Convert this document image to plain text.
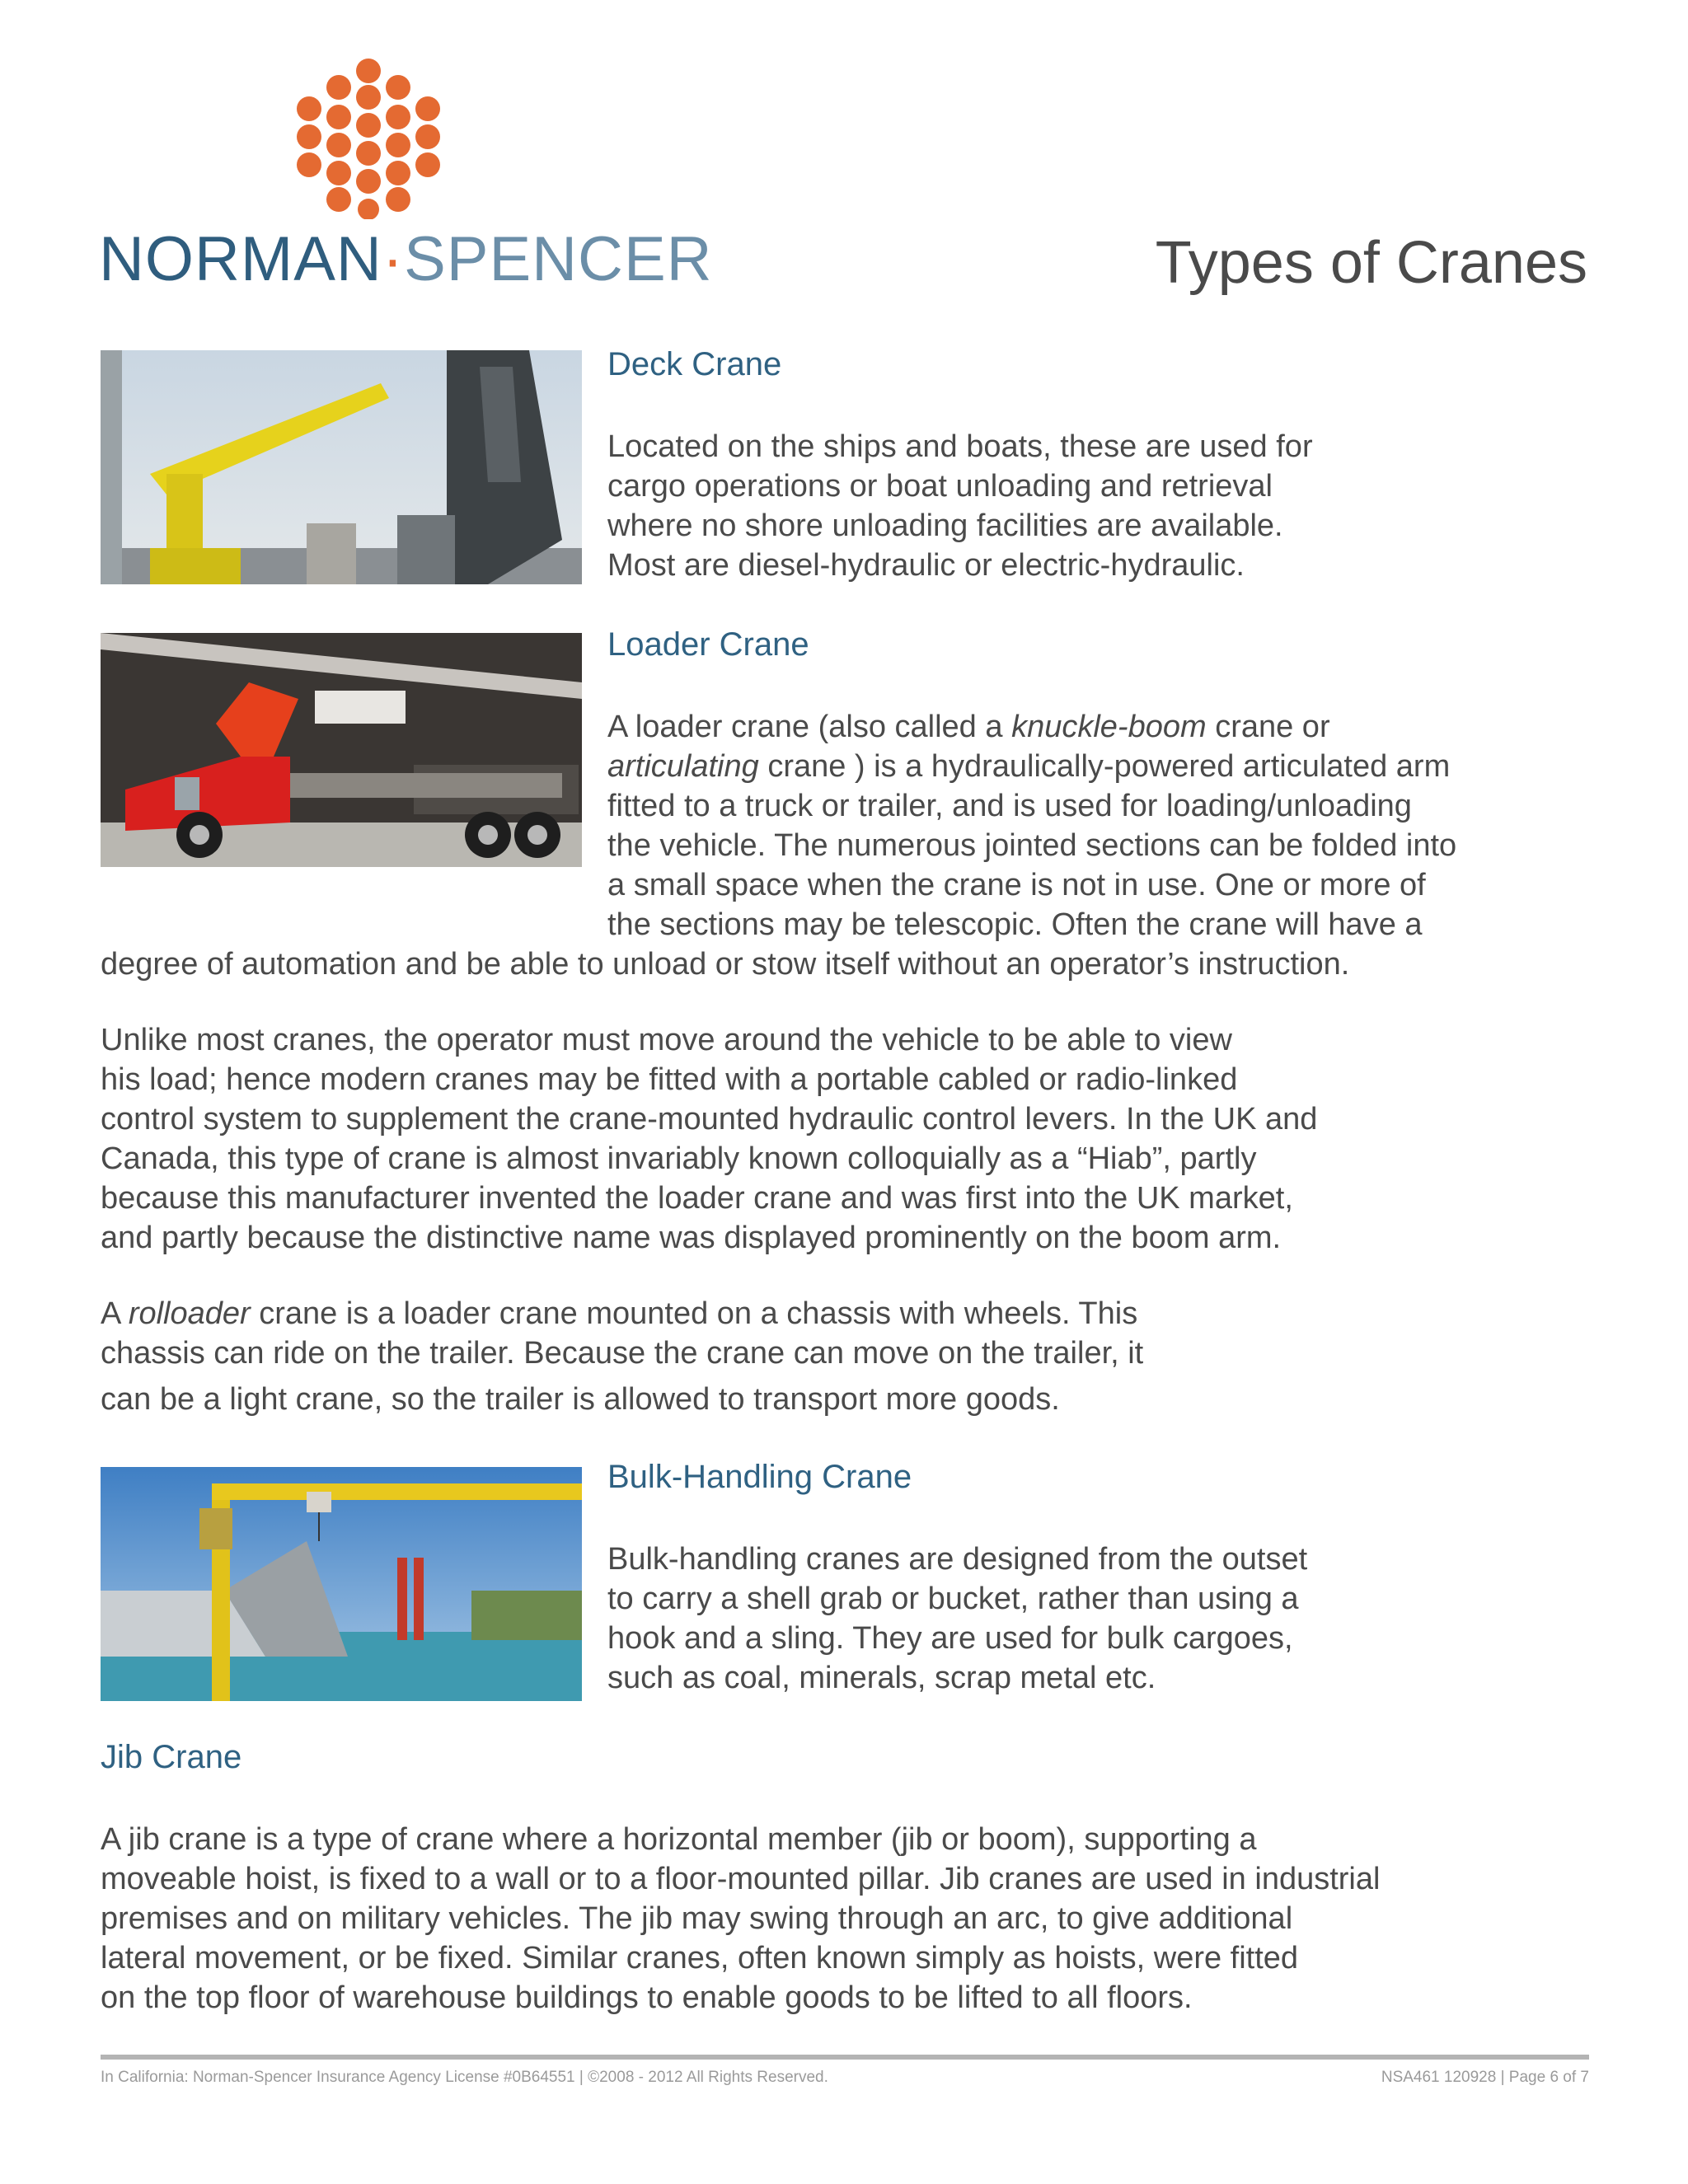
NORMAN·SPENCER	Types of Cranes
Deck Crane
Located on the ships and boats, these are used for
cargo operations or boat unloading and retrieval
where no shore unloading facilities are available.
Most are diesel-hydraulic or electric-hydraulic.
Loader Crane
A loader crane (also called a knuckle-boom crane or
articulating crane ) is a hydraulically-powered articulated arm
fitted to a truck or trailer, and is used for loading/unloading
the vehicle. The numerous jointed sections can be folded into
a small space when the crane is not in use. One or more of
the sections may be telescopic. Often the crane will have a
degree of automation and be able to unload or stow itself without an operator’s instruction.
Unlike most cranes, the operator must move around the vehicle to be able to view
his load; hence modern cranes may be fitted with a portable cabled or radio-linked
control system to supplement the crane-mounted hydraulic control levers. In the UK and
Canada, this type of crane is almost invariably known colloquially as a “Hiab”, partly
because this manufacturer invented the loader crane and was first into the UK market,
and partly because the distinctive name was displayed prominently on the boom arm.
A rolloader crane is a loader crane mounted on a chassis with wheels. This
chassis can ride on the trailer. Because the crane can move on the trailer, it
can be a light crane, so the trailer is allowed to transport more goods.
Bulk-Handling Crane
Bulk-handling cranes are designed from the outset
to carry a shell grab or bucket, rather than using a
hook and a sling. They are used for bulk cargoes,
such as coal, minerals, scrap metal etc.
Jib Crane
A jib crane is a type of crane where a horizontal member (jib or boom), supporting a
moveable hoist, is fixed to a wall or to a floor-mounted pillar. Jib cranes are used in industrial
premises and on military vehicles. The jib may swing through an arc, to give additional
lateral movement, or be fixed. Similar cranes, often known simply as hoists, were fitted
on the top floor of warehouse buildings to enable goods to be lifted to all floors.
In California: Norman-Spencer Insurance Agency License #0B64551 | ©2008 - 2012 All Rights Reserved.	NSA461 120928 | Page 6 of 7
